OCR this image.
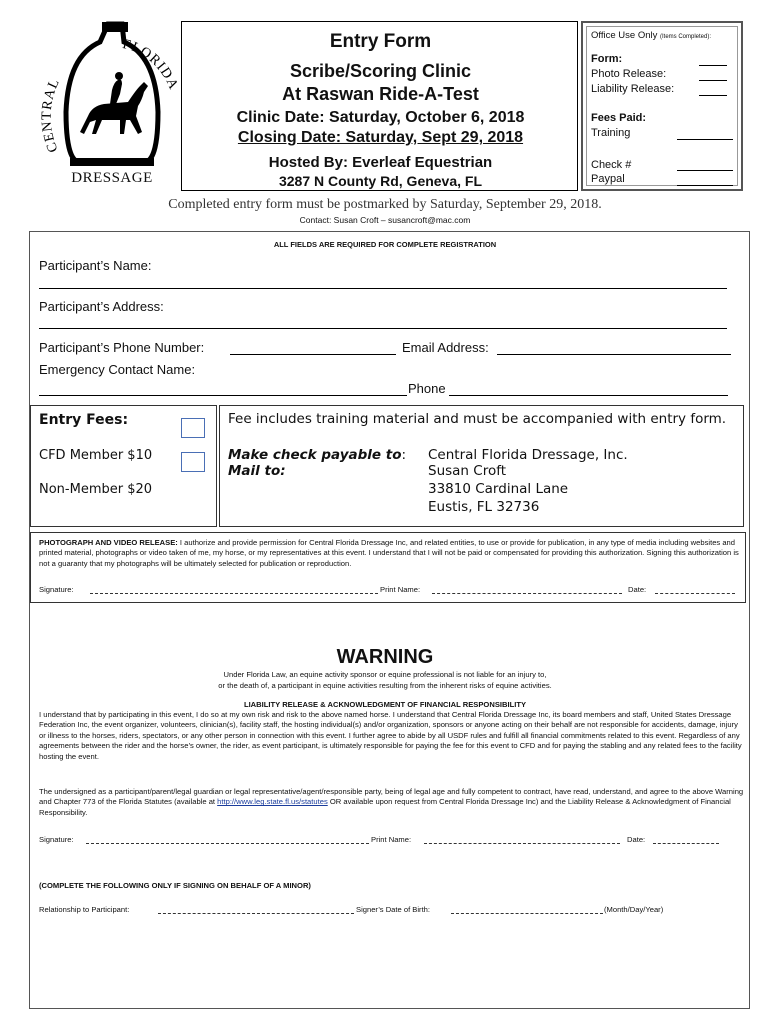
CENTRAL
FLORIDA
DRESSAGE
Entry Form
Scribe/Scoring Clinic
At Raswan Ride-A-Test
Clinic Date: Saturday, October 6, 2018
Closing Date: Saturday, Sept 29, 2018
Hosted By: Everleaf Equestrian
3287 N County Rd, Geneva, FL
Office Use Only (Items Completed):
Form:
Photo Release:
Liability Release:
Fees Paid:
Training
Check #
Paypal
Completed entry form must be postmarked by Saturday, September 29, 2018.
Contact: Susan Croft – susancroft@mac.com
ALL FIELDS ARE REQUIRED FOR COMPLETE REGISTRATION
Participant’s Name:
Participant’s Address:
Participant’s Phone Number:	Email Address:
Emergency Contact Name:
Phone
Entry Fees:
CFD Member $10
Non-Member $20
Fee includes training material and must be accompanied with entry form.
Make check payable to: Central Florida Dressage, Inc.
Mail to:	Susan Croft
33810 Cardinal Lane
Eustis, FL 32736
PHOTOGRAPH AND VIDEO RELEASE: I authorize and provide permission for Central Florida Dressage Inc, and related entities, to use or provide for publication, in any type of media including websites and printed material, photographs or video taken of me, my horse, or my representatives at this event. I understand that I will not be paid or compensated for providing this authorization. Signing this authorization is not a guaranty that my photographs will be ultimately selected for publication or reproduction.
Signature:	Print Name:	Date:
WARNING
Under Florida Law, an equine activity sponsor or equine professional is not liable for an injury to,
or the death of, a participant in equine activities resulting from the inherent risks of equine activities.
LIABILITY RELEASE & ACKNOWLEDGMENT OF FINANCIAL RESPONSIBILITY
I understand that by participating in this event, I do so at my own risk and risk to the above named horse. I understand that Central Florida Dressage Inc, its board members and staff, United States Dressage Federation Inc, the event organizer, volunteers, clinician(s), facility staff, the hosting individual(s) and/or organization, sponsors or anyone acting on their behalf are not responsible for accidents, damage, injury or illness to the horses, riders, spectators, or any other person in connection with this event. I further agree to abide by all USDF rules and fulfill all financial commitments related to this event. Regardless of any agreements between the rider and the horse’s owner, the rider, as event participant, is ultimately responsible for paying the fee for this event to CFD and for paying the stabling and any related fees to the facility hosting the event.
The undersigned as a participant/parent/legal guardian or legal representative/agent/responsible party, being of legal age and fully competent to contract, have read, understand, and agree to the above Warning and Chapter 773 of the Florida Statutes (available at http://www.leg.state.fl.us/statutes OR available upon request from Central Florida Dressage Inc) and the Liability Release & Acknowledgment of Financial Responsibility.
Signature:	Print Name:	Date:
(COMPLETE THE FOLLOWING ONLY IF SIGNING ON BEHALF OF A MINOR)
Relationship to Participant:	Signer’s Date of Birth:	(Month/Day/Year)
